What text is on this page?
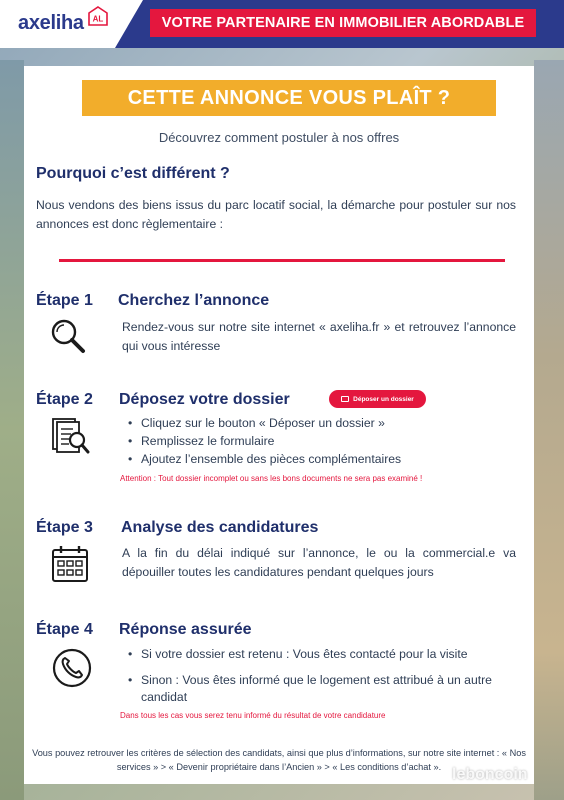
axeliha AL	VOTRE PARTENAIRE EN IMMOBILIER ABORDABLE
CETTE ANNONCE VOUS PLAÎT ?
Découvrez comment postuler à nos offres
Pourquoi c’est différent ?
Nous vendons des biens issus du parc locatif social, la démarche pour postuler sur nos annonces est donc règlementaire :
Étape 1 Cherchez l’annonce
Rendez-vous sur notre site internet « axeliha.fr » et retrouvez l’annonce qui vous intéresse
Étape 2 Déposez votre dossier	Déposer un dossier
• Cliquez sur le bouton « Déposer un dossier »
• Remplissez le formulaire
• Ajoutez l’ensemble des pièces complémentaires
Attention : Tout dossier incomplet ou sans les bons documents ne sera pas examiné !
Étape 3 Analyse des candidatures
A la fin du délai indiqué sur l’annonce, le ou la commercial.e va dépouiller toutes les candidatures pendant quelques jours
Étape 4 Réponse assurée
• Si votre dossier est retenu : Vous êtes contacté pour la visite
• Sinon : Vous êtes informé que le logement est attribué à un autre candidat
Dans tous les cas vous serez tenu informé du résultat de votre candidature
Vous pouvez retrouver les critères de sélection des candidats, ainsi que plus d’informations, sur notre site internet : « Nos services » > « Devenir propriétaire dans l’Ancien » > « Les conditions d’achat ». leboncoin
